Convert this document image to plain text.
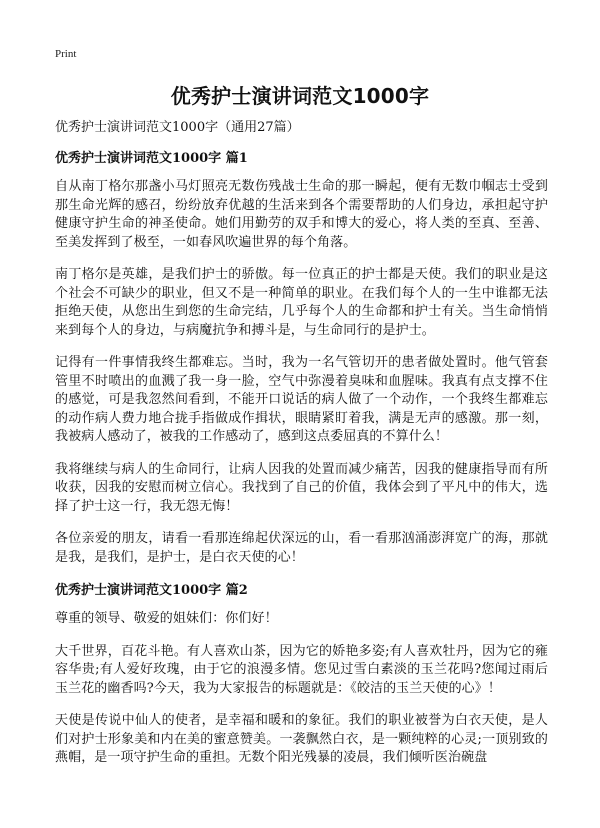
Print
优秀护士演讲词范文1000字

优秀护士演讲词范文1000字（通用27篇）

优秀护士演讲词范文1000字 篇1

自从南丁格尔那盏小马灯照亮无数伤残战士生命的那一瞬起，便有无数巾帼志士受到那生命光辉的感召，纷纷放弃优越的生活来到各个需要帮助的人们身边，承担起守护健康守护生命的神圣使命。她们用勤劳的双手和博大的爱心，将人类的至真、至善、至美发挥到了极至，一如春风吹遍世界的每个角落。

南丁格尔是英雄，是我们护士的骄傲。每一位真正的护士都是天使。我们的职业是这个社会不可缺少的职业，但又不是一种简单的职业。在我们每个人的一生中谁都无法拒绝天使，从您出生到您的生命完结，几乎每个人的生命都和护士有关。当生命悄悄来到每个人的身边，与病魔抗争和搏斗是，与生命同行的是护士。

记得有一件事情我终生都难忘。当时，我为一名气管切开的患者做处置时。他气管套管里不时喷出的血溅了我一身一脸，空气中弥漫着臭味和血腥味。我真有点支撑不住的感觉，可是我忽然间看到，不能开口说话的病人做了一个动作，一个我终生都难忘的动作病人费力地合拢手指做成作揖状，眼睛紧盯着我，满是无声的感激。那一刻，我被病人感动了，被我的工作感动了，感到这点委屈真的不算什么！

我将继续与病人的生命同行，让病人因我的处置而减少痛苦，因我的健康指导而有所收获，因我的安慰而树立信心。我找到了自己的价值，我体会到了平凡中的伟大，选择了护士这一行，我无怨无悔！

各位亲爱的朋友，请看一看那连绵起伏深远的山，看一看那汹涌澎湃宽广的海，那就是我，是我们，是护士，是白衣天使的心！

优秀护士演讲词范文1000字 篇2

尊重的领导、敬爱的姐妹们：你们好！

大千世界，百花斗艳。有人喜欢山茶，因为它的娇艳多姿;有人喜欢牡丹，因为它的雍容华贵;有人爱好玫瑰，由于它的浪漫多情。您见过雪白素淡的玉兰花吗?您闻过雨后玉兰花的幽香吗?今天，我为大家报告的标题就是：《皎洁的玉兰天使的心》！

天使是传说中仙人的使者，是幸福和暖和的象征。我们的职业被誉为白衣天使，是人们对护士形象美和内在美的蜜意赞美。一袭飘然白衣，是一颗纯粹的心灵;一顶别致的燕帽，是一项守护生命的重担。无数个阳光残暴的凌晨，我们倾听医治碗盘
